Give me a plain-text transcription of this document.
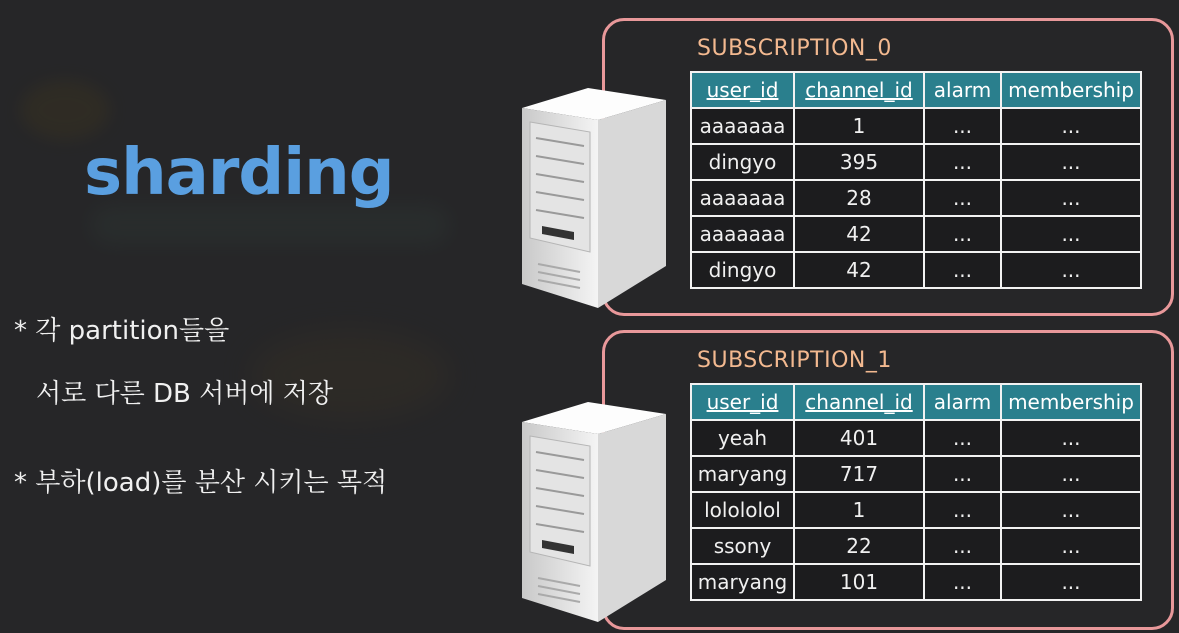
sharding
* 각 partition들을
서로 다른 DB 서버에 저장
* 부하(load)를 분산 시키는 목적
SUBSCRIPTION_0
user_id	channel_id	alarm	membership
aaaaaaa	1	...	...
dingyo	395	...	...
aaaaaaa	28	...	...
aaaaaaa	42	...	...
dingyo	42	...	...
SUBSCRIPTION_1
user_id	channel_id	alarm	membership
yeah	401	...	...
maryang	717	...	...
lolololol	1	...	...
ssony	22	...	...
maryang	101	...	...
